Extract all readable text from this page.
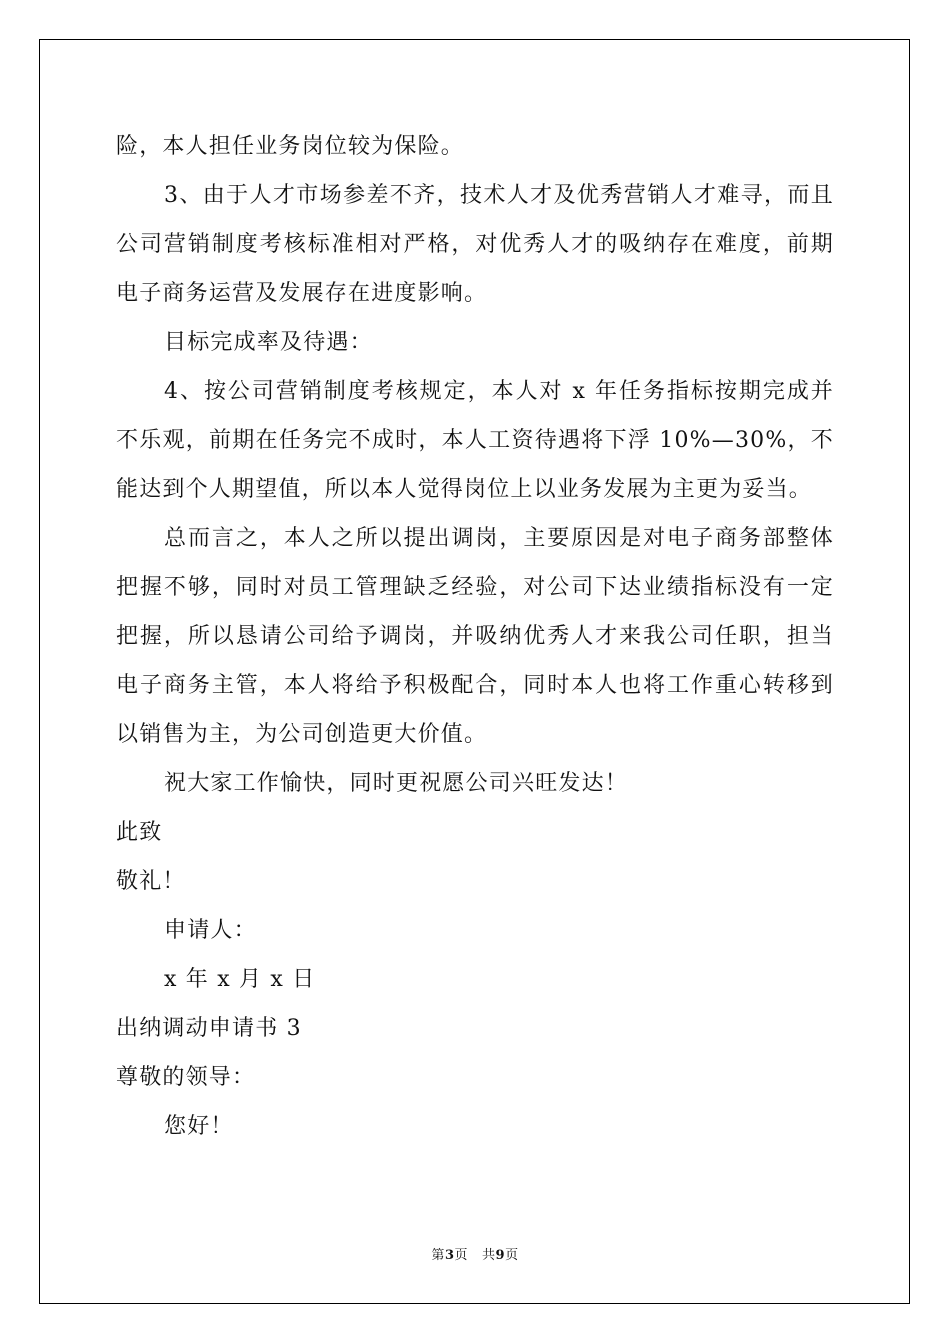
险，本人担任业务岗位较为保险。

3、由于人才市场参差不齐，技术人才及优秀营销人才难寻，而且公司营销制度考核标准相对严格，对优秀人才的吸纳存在难度，前期电子商务运营及发展存在进度影响。

目标完成率及待遇：

4、按公司营销制度考核规定，本人对 x 年任务指标按期完成并不乐观，前期在任务完不成时，本人工资待遇将下浮 10%—30%，不能达到个人期望值，所以本人觉得岗位上以业务发展为主更为妥当。

总而言之，本人之所以提出调岗，主要原因是对电子商务部整体把握不够，同时对员工管理缺乏经验，对公司下达业绩指标没有一定把握，所以恳请公司给予调岗，并吸纳优秀人才来我公司任职，担当电子商务主管，本人将给予积极配合，同时本人也将工作重心转移到以销售为主，为公司创造更大价值。

祝大家工作愉快，同时更祝愿公司兴旺发达！

此致

敬礼！

申请人：

x 年 x 月 x 日

出纳调动申请书 3

尊敬的领导：

您好！

第3页 共9页
